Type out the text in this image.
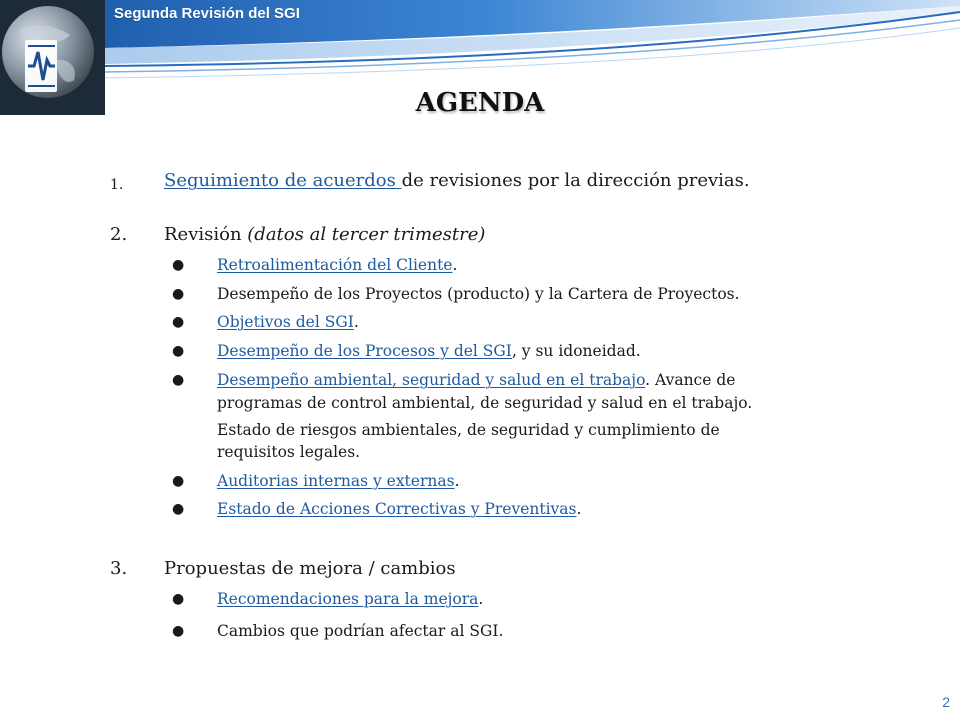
Segunda Revisión del SGI
AGENDA
1. Seguimiento de acuerdos de revisiones por la dirección previas.
2. Revisión (datos al tercer trimestre)
● Retroalimentación del Cliente.
● Desempeño de los Proyectos (producto) y la Cartera de Proyectos.
● Objetivos del SGI.
● Desempeño de los Procesos y del SGI, y su idoneidad.
● Desempeño ambiental, seguridad y salud en el trabajo. Avance de
programas de control ambiental, de seguridad y salud en el trabajo.
Estado de riesgos ambientales, de seguridad y cumplimiento de
requisitos legales.
● Auditorias internas y externas.
● Estado de Acciones Correctivas y Preventivas.
3. Propuestas de mejora / cambios
● Recomendaciones para la mejora.
● Cambios que podrían afectar al SGI.
2
